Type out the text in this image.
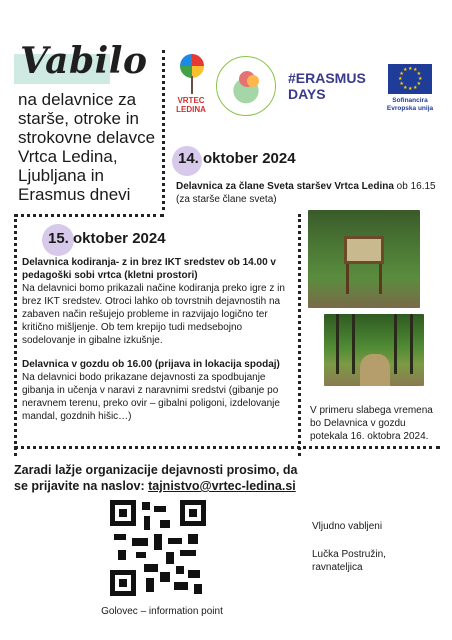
Vabilo
na delavnice za starše, otroke in strokovne delavce Vrtca Ledina, Ljubljana in Erasmus dnevi
VRTEC
LEDINA
#ERASMUS
DAYS
★
★
★
★
★
★
★
★
★ ★ ★
★
Sofinancira
Evropska unija
14. oktober 2024
Delavnica za člane Sveta staršev Vrtca Ledina ob 16.15
(za starše člane sveta)
15. oktober 2024
Delavnica kodiranja- z in brez IKT sredstev ob 14.00 v pedagoški sobi vrtca (kletni prostori)
Na delavnici bomo prikazali načine kodiranja preko igre z in brez IKT sredstev. Otroci lahko ob tovrstnih dejavnostih na zabaven način rešujejo probleme in razvijajo logično ter kritično mišljenje. Ob tem krepijo tudi medsebojno sodelovanje in gibalne izkušnje.
Delavnica v gozdu ob 16.00 (prijava in lokacija spodaj)
Na delavnici bodo prikazane dejavnosti za spodbujanje gibanja in učenja v naravi z naravnimi sredstvi (gibanje po neravnem terenu, preko ovir – gibalni poligoni, izdelovanje mandal, gozdnih hišic…)
V primeru slabega vremena bo Delavnica v gozdu potekala 16. oktobra 2024.
Zaradi lažje organizacije dejavnosti prosimo, da se prijavite na naslov: tajnistvo@vrtec-ledina.si
Golovec – information point
Vljudno vabljeni
Lučka Postružin,
ravnateljica
